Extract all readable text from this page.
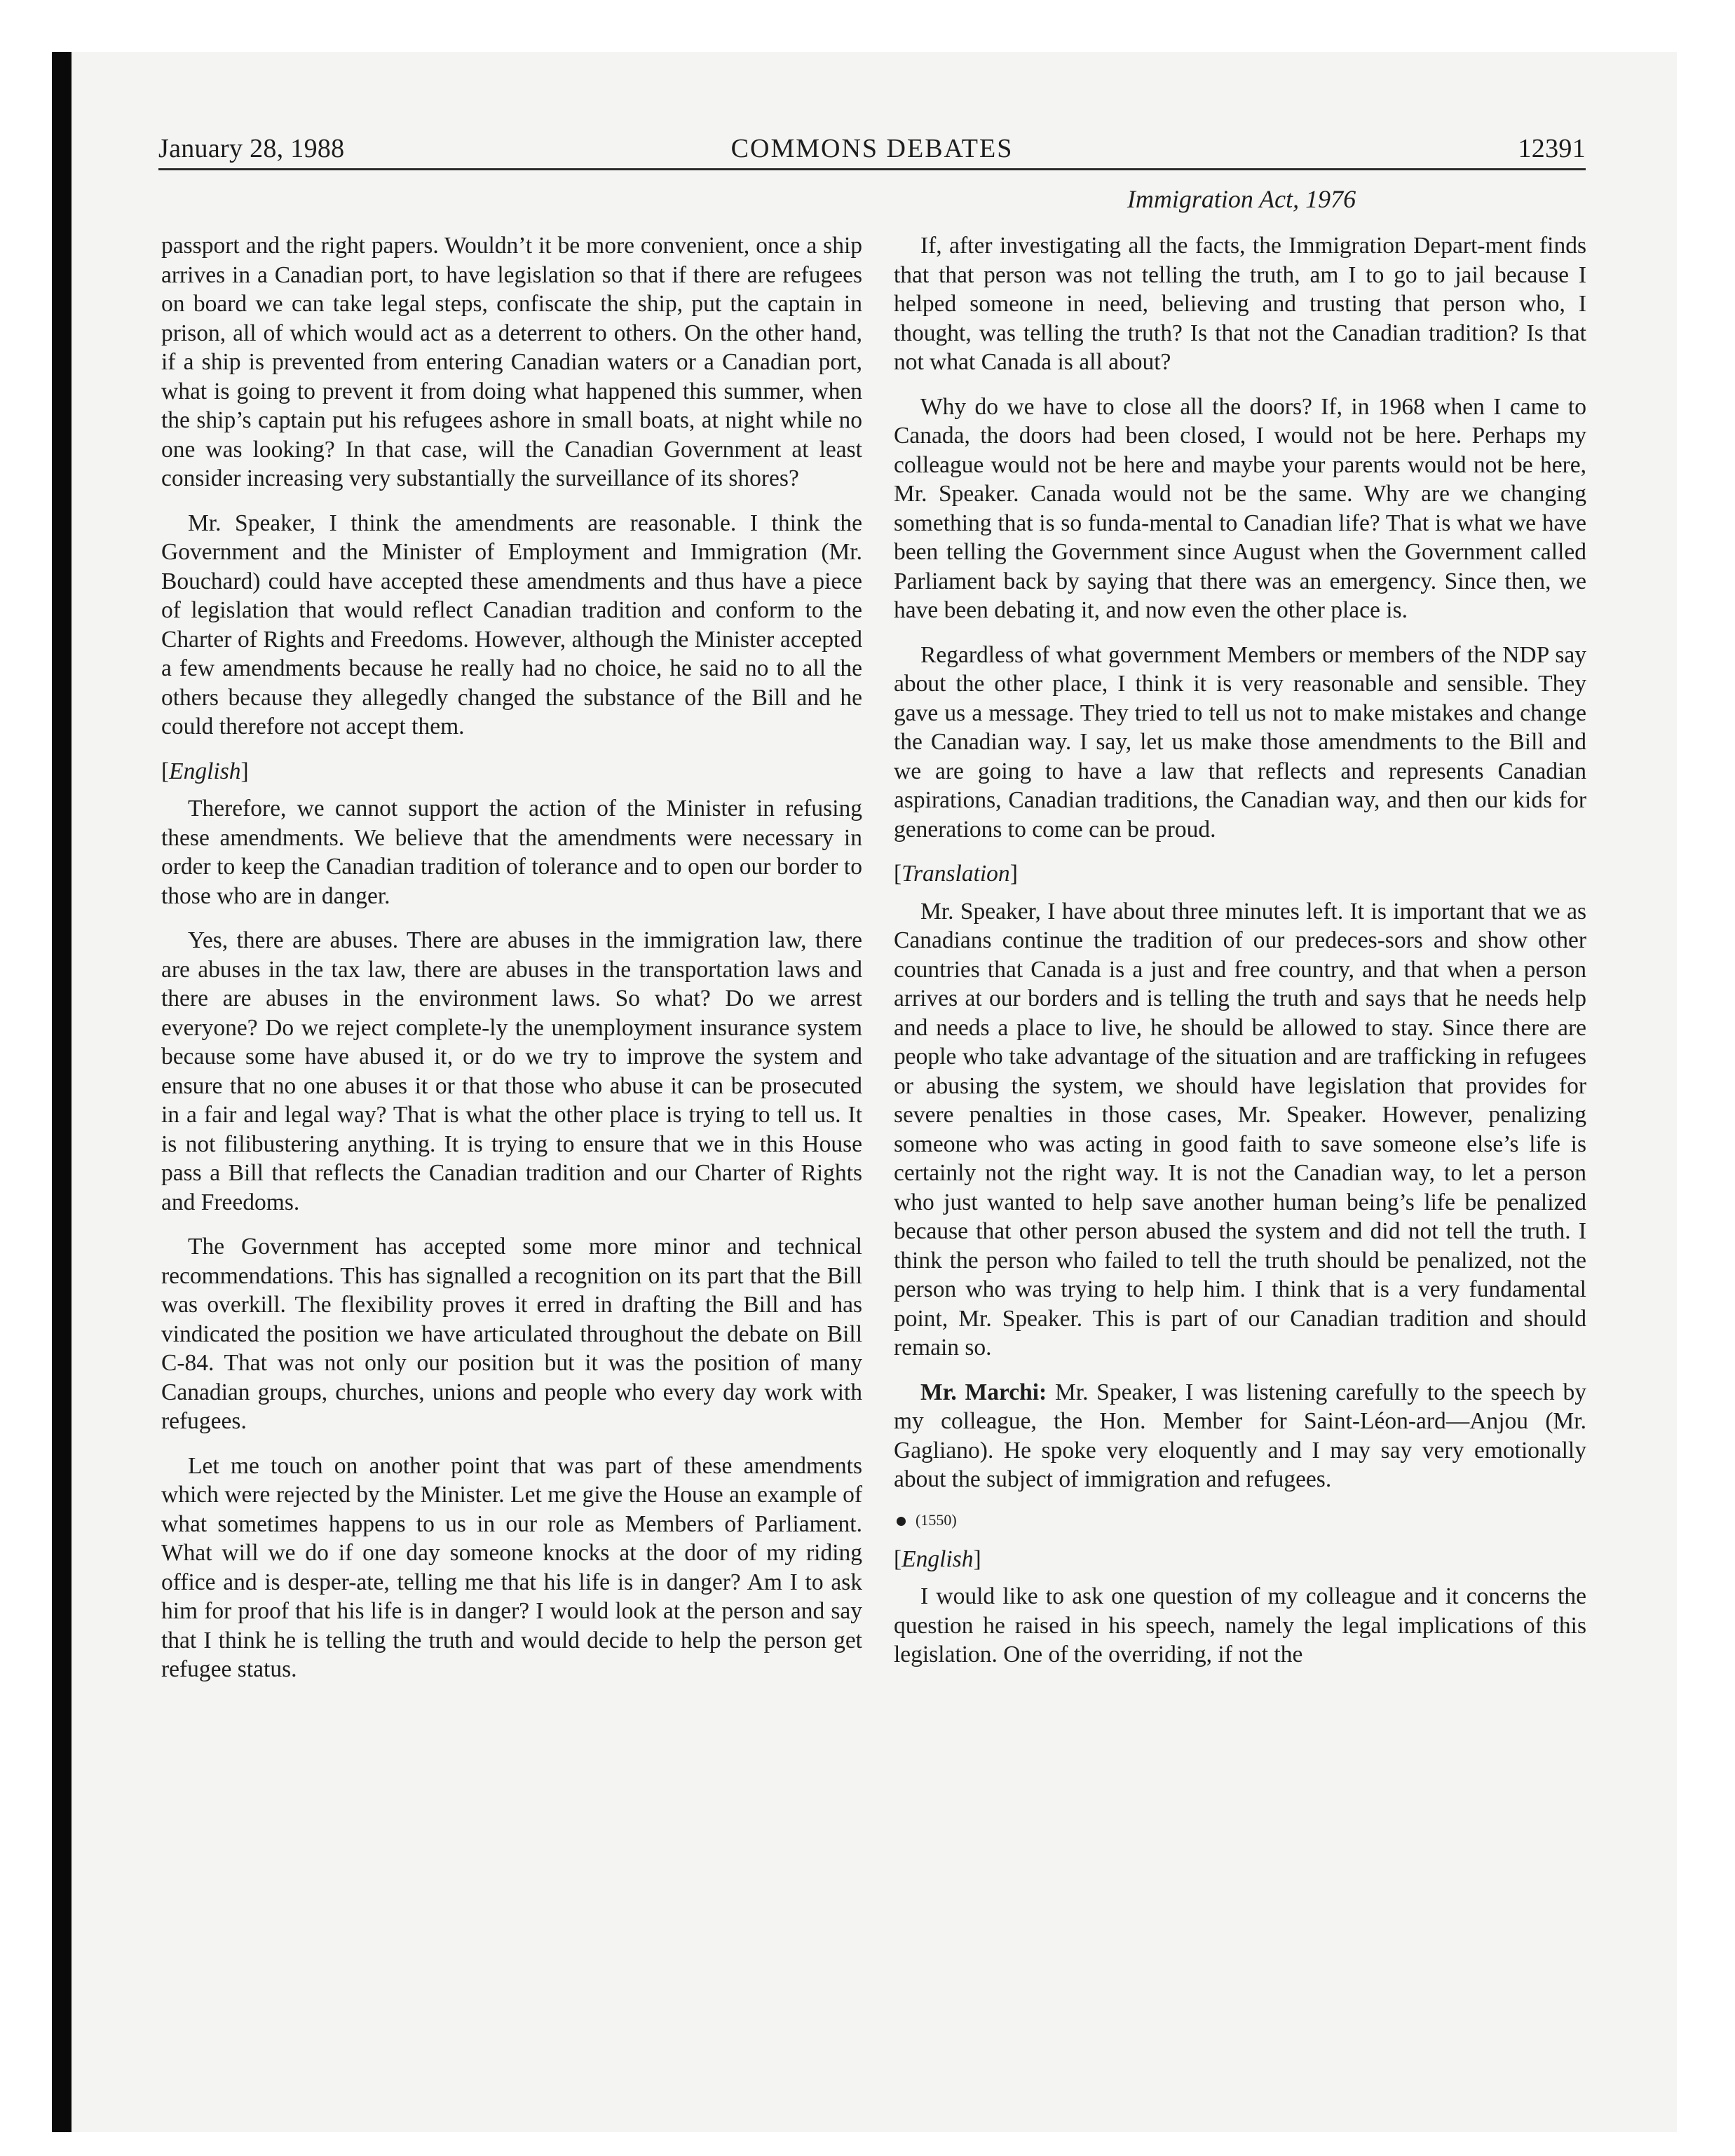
January 28, 1988	COMMONS DEBATES	12391
Immigration Act, 1976

passport and the right papers. Wouldn’t it be more convenient, once a ship arrives in a Canadian port, to have legislation so that if there are refugees on board we can take legal steps, confiscate the ship, put the captain in prison, all of which would act as a deterrent to others. On the other hand, if a ship is prevented from entering Canadian waters or a Canadian port, what is going to prevent it from doing what happened this summer, when the ship’s captain put his refugees ashore in small boats, at night while no one was looking? In that case, will the Canadian Government at least consider increasing very substantially the surveillance of its shores?

Mr. Speaker, I think the amendments are reasonable. I think the Government and the Minister of Employment and Immigration (Mr. Bouchard) could have accepted these amendments and thus have a piece of legislation that would reflect Canadian tradition and conform to the Charter of Rights and Freedoms. However, although the Minister accepted a few amendments because he really had no choice, he said no to all the others because they allegedly changed the substance of the Bill and he could therefore not accept them.

[English]

Therefore, we cannot support the action of the Minister in refusing these amendments. We believe that the amendments were necessary in order to keep the Canadian tradition of tolerance and to open our border to those who are in danger.

Yes, there are abuses. There are abuses in the immigration law, there are abuses in the tax law, there are abuses in the transportation laws and there are abuses in the environment laws. So what? Do we arrest everyone? Do we reject complete-ly the unemployment insurance system because some have abused it, or do we try to improve the system and ensure that no one abuses it or that those who abuse it can be prosecuted in a fair and legal way? That is what the other place is trying to tell us. It is not filibustering anything. It is trying to ensure that we in this House pass a Bill that reflects the Canadian tradition and our Charter of Rights and Freedoms.

The Government has accepted some more minor and technical recommendations. This has signalled a recognition on its part that the Bill was overkill. The flexibility proves it erred in drafting the Bill and has vindicated the position we have articulated throughout the debate on Bill C-84. That was not only our position but it was the position of many Canadian groups, churches, unions and people who every day work with refugees.

Let me touch on another point that was part of these amendments which were rejected by the Minister. Let me give the House an example of what sometimes happens to us in our role as Members of Parliament. What will we do if one day someone knocks at the door of my riding office and is desper-ate, telling me that his life is in danger? Am I to ask him for proof that his life is in danger? I would look at the person and say that I think he is telling the truth and would decide to help the person get refugee status.

If, after investigating all the facts, the Immigration Depart-ment finds that that person was not telling the truth, am I to go to jail because I helped someone in need, believing and trusting that person who, I thought, was telling the truth? Is that not the Canadian tradition? Is that not what Canada is all about?

Why do we have to close all the doors? If, in 1968 when I came to Canada, the doors had been closed, I would not be here. Perhaps my colleague would not be here and maybe your parents would not be here, Mr. Speaker. Canada would not be the same. Why are we changing something that is so funda-mental to Canadian life? That is what we have been telling the Government since August when the Government called Parliament back by saying that there was an emergency. Since then, we have been debating it, and now even the other place is.

Regardless of what government Members or members of the NDP say about the other place, I think it is very reasonable and sensible. They gave us a message. They tried to tell us not to make mistakes and change the Canadian way. I say, let us make those amendments to the Bill and we are going to have a law that reflects and represents Canadian aspirations, Canadian traditions, the Canadian way, and then our kids for generations to come can be proud.

[Translation]

Mr. Speaker, I have about three minutes left. It is important that we as Canadians continue the tradition of our predeces-sors and show other countries that Canada is a just and free country, and that when a person arrives at our borders and is telling the truth and says that he needs help and needs a place to live, he should be allowed to stay. Since there are people who take advantage of the situation and are trafficking in refugees or abusing the system, we should have legislation that provides for severe penalties in those cases, Mr. Speaker. However, penalizing someone who was acting in good faith to save someone else’s life is certainly not the right way. It is not the Canadian way, to let a person who just wanted to help save another human being’s life be penalized because that other person abused the system and did not tell the truth. I think the person who failed to tell the truth should be penalized, not the person who was trying to help him. I think that is a very fundamental point, Mr. Speaker. This is part of our Canadian tradition and should remain so.

Mr. Marchi: Mr. Speaker, I was listening carefully to the speech by my colleague, the Hon. Member for Saint-Léon-ard—Anjou (Mr. Gagliano). He spoke very eloquently and I may say very emotionally about the subject of immigration and refugees.

(1550)

[English]

I would like to ask one question of my colleague and it concerns the question he raised in his speech, namely the legal implications of this legislation. One of the overriding, if not the
